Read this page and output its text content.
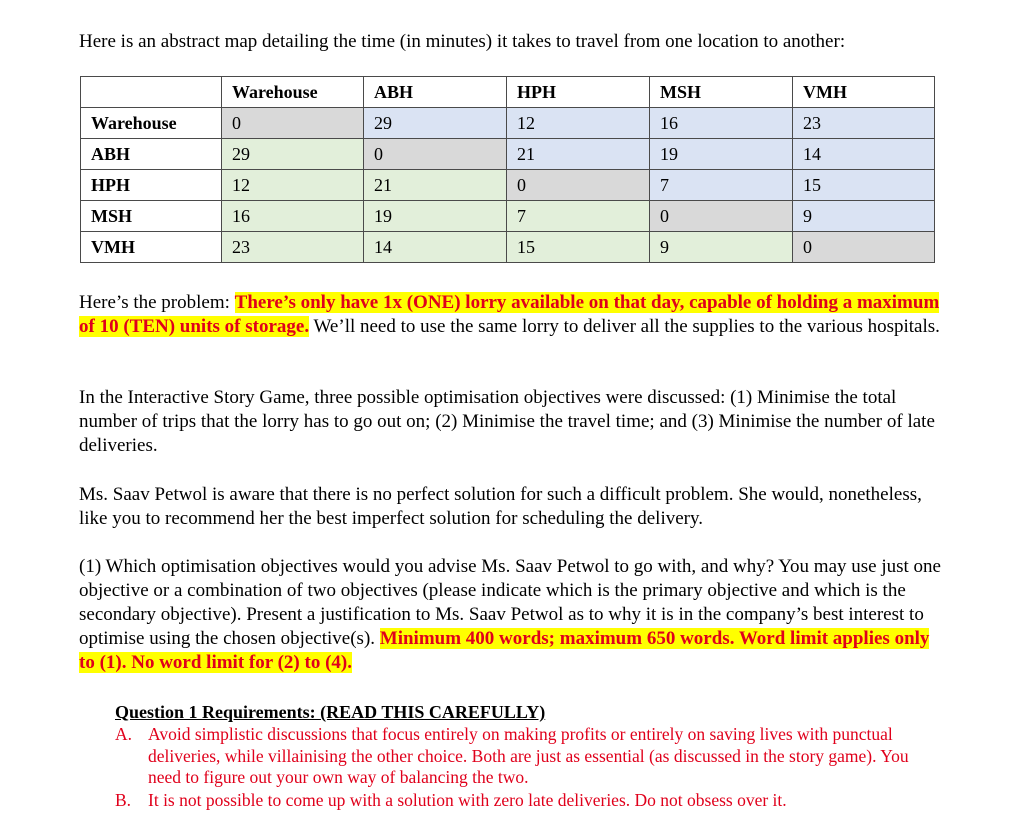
Here is an abstract map detailing the time (in minutes) it takes to travel from one location to another:

	Warehouse	ABH	HPH	MSH	VMH
Warehouse	0	29	12	16	23
ABH	29	0	21	19	14
HPH	12	21	0	7	15
MSH	16	19	7	0	9
VMH	23	14	15	9	0

Here’s the problem: There’s only have 1x (ONE) lorry available on that day, capable of holding a maximum of 10 (TEN) units of storage. We’ll need to use the same lorry to deliver all the supplies to the various hospitals.

In the Interactive Story Game, three possible optimisation objectives were discussed: (1) Minimise the total number of trips that the lorry has to go out on; (2) Minimise the travel time; and (3) Minimise the number of late deliveries.

Ms. Saav Petwol is aware that there is no perfect solution for such a difficult problem. She would, nonetheless, like you to recommend her the best imperfect solution for scheduling the delivery.

(1) Which optimisation objectives would you advise Ms. Saav Petwol to go with, and why? You may use just one objective or a combination of two objectives (please indicate which is the primary objective and which is the secondary objective). Present a justification to Ms. Saav Petwol as to why it is in the company’s best interest to optimise using the chosen objective(s). Minimum 400 words; maximum 650 words. Word limit applies only to (1). No word limit for (2) to (4).

Question 1 Requirements: (READ THIS CAREFULLY)

A. Avoid simplistic discussions that focus entirely on making profits or entirely on saving lives with punctual deliveries, while villainising the other choice. Both are just as essential (as discussed in the story game). You need to figure out your own way of balancing the two.
B. It is not possible to come up with a solution with zero late deliveries. Do not obsess over it.
